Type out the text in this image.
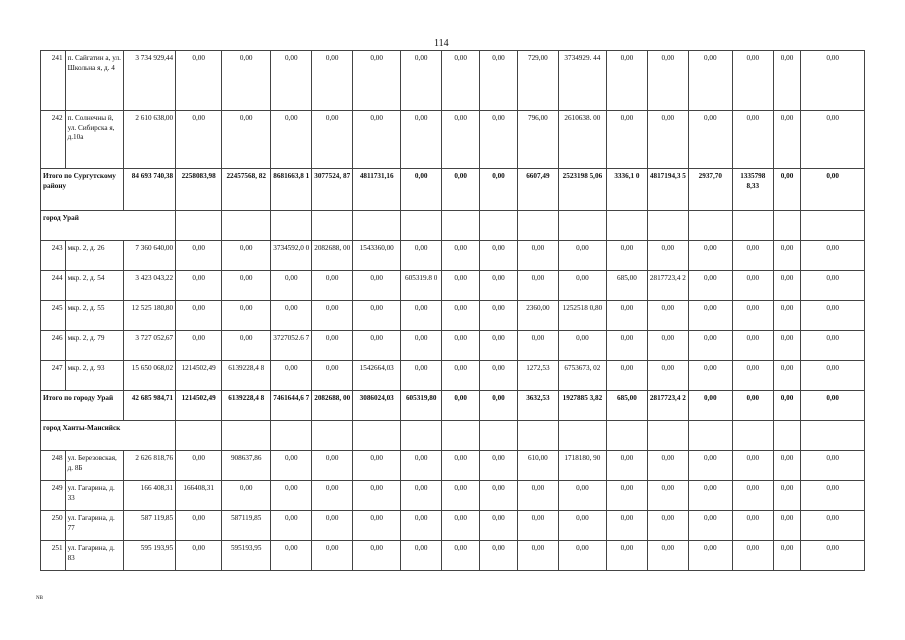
114
241	п. Сайгатин а, ул. Школьна я, д. 4	3 734 929,44	0,00	0,00	0,00	0,00	0,00	0,00	0,00	0,00	729,00	3734929. 44	0,00	0,00	0,00	0,00	0,00	0,00
242	п. Солнечны й, ул. Сибирска я, д.10а	2 610 638,00	0,00	0,00	0,00	0,00	0,00	0,00	0,00	0,00	796,00	2610638. 00	0,00	0,00	0,00	0,00	0,00	0,00
Итого по Сургутскому району		84 693 740,38	2258083,98	22457568, 82	8681663,8 1	3077524, 87	4811731,16	0,00	0,00	0,00	6607,49	2523198 5,06	3336,1 0	4817194,3 5	2937,70	1335798 8,33	0,00	0,00
город Урай																		
243	мкр. 2, д. 26	7 360 640,00	0,00	0,00	3734592,0 0	2082688, 00	1543360,00	0,00	0,00	0,00	0,00	0,00	0,00	0,00	0,00	0,00	0,00	0,00
244	мкр. 2, д. 54	3 423 043,22	0,00	0,00	0,00	0,00	0,00	605319.8 0	0,00	0,00	0,00	0,00	685,00	2817723,4 2	0,00	0,00	0,00	0,00
245	мкр. 2, д. 55	12 525 180,80	0,00	0,00	0,00	0,00	0,00	0,00	0,00	0,00	2360,00	1252518 0,80	0,00	0,00	0,00	0,00	0,00	0,00
246	мкр. 2, д. 79	3 727 052,67	0,00	0,00	3727052.6 7	0,00	0,00	0,00	0,00	0,00	0,00	0,00	0,00	0,00	0,00	0,00	0,00	0,00
247	мкр. 2, д. 93	15 650 068,02	1214502,49	6139228,4 8	0,00	0,00	1542664,03	0,00	0,00	0,00	1272,53	6753673, 02	0,00	0,00	0,00	0,00	0,00	0,00
Итого по городу Урай		42 685 984,71	1214502,49	6139228,4 8	7461644,6 7	2082688, 00	3086024,03	605319,80	0,00	0,00	3632,53	1927885 3,82	685,00	2817723,4 2	0,00	0,00	0,00	0,00
город Ханты-Мансийск																		
248	ул. Березовская, д. 8Б	2 626 818,76	0,00	908637,86	0,00	0,00	0,00	0,00	0,00	0,00	610,00	1718180, 90	0,00	0,00	0,00	0,00	0,00	0,00
249	ул. Гагарина, д. 33	166 408,31	166408,31	0,00	0,00	0,00	0,00	0,00	0,00	0,00	0,00	0,00	0,00	0,00	0,00	0,00	0,00	0,00
250	ул. Гагарина, д. 77	587 119,85	0,00	587119,85	0,00	0,00	0,00	0,00	0,00	0,00	0,00	0,00	0,00	0,00	0,00	0,00	0,00	0,00
251	ул. Гагарина, д. 83	595 193,95	0,00	595193,95	0,00	0,00	0,00	0,00	0,00	0,00	0,00	0,00	0,00	0,00	0,00	0,00	0,00	0,00
NB
